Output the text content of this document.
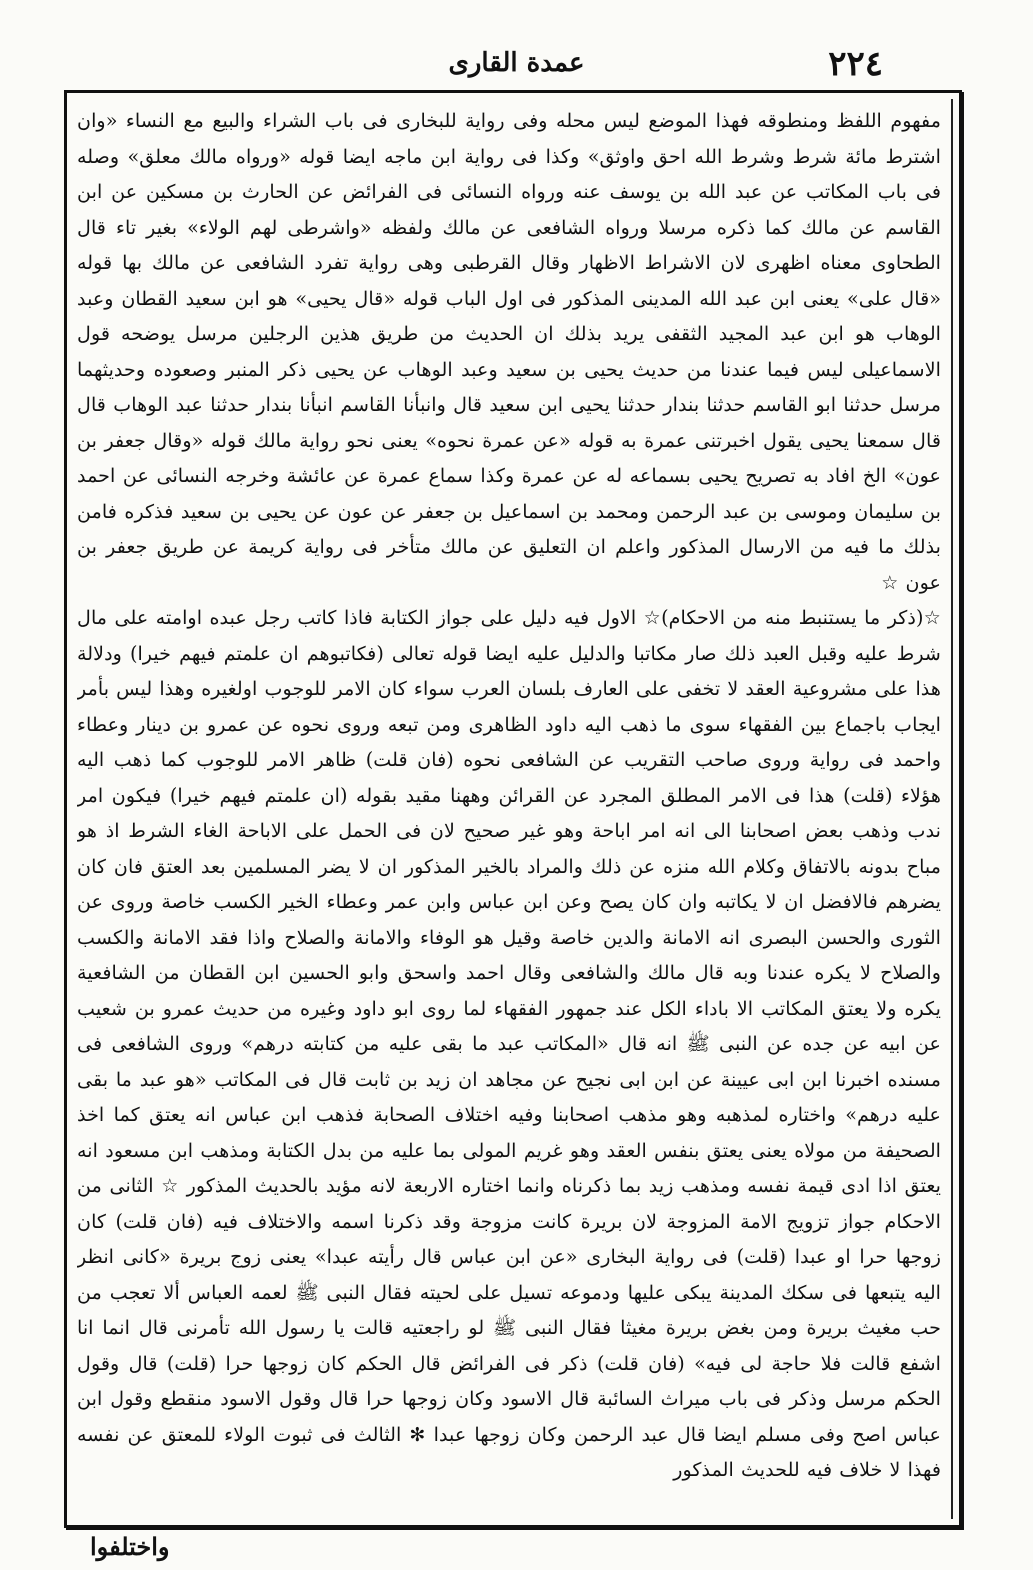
٢٢٤
عمدة القارى

مفهوم اللفظ ومنطوقه فهذا الموضع ليس محله وفى رواية للبخارى فى باب الشراء والبيع مع النساء «وان اشترط مائة شرط وشرط الله احق واوثق» وكذا فى رواية ابن ماجه ايضا قوله «ورواه مالك معلق» وصله فى باب المكاتب عن عبد الله بن يوسف عنه ورواه النسائى فى الفرائض عن الحارث بن مسكين عن ابن القاسم عن مالك كما ذكره مرسلا ورواه الشافعى عن مالك ولفظه «واشرطى لهم الولاء» بغير تاء قال الطحاوى معناه اظهرى لان الاشراط الاظهار وقال القرطبى وهى رواية تفرد الشافعى عن مالك بها قوله «قال على» يعنى ابن عبد الله المدينى المذكور فى اول الباب قوله «قال يحيى» هو ابن سعيد القطان وعبد الوهاب هو ابن عبد المجيد الثقفى يريد بذلك ان الحديث من طريق هذين الرجلين مرسل يوضحه قول الاسماعيلى ليس فيما عندنا من حديث يحيى بن سعيد وعبد الوهاب عن يحيى ذكر المنبر وصعوده وحديثهما مرسل حدثنا ابو القاسم حدثنا بندار حدثنا يحيى ابن سعيد قال وانبأنا القاسم انبأنا بندار حدثنا عبد الوهاب قال قال سمعنا يحيى يقول اخبرتنى عمرة به قوله «عن عمرة نحوه» يعنى نحو رواية مالك قوله «وقال جعفر بن عون» الخ افاد به تصريح يحيى بسماعه له عن عمرة وكذا سماع عمرة عن عائشة وخرجه النسائى عن احمد بن سليمان وموسى بن عبد الرحمن ومحمد بن اسماعيل بن جعفر عن عون عن يحيى بن سعيد فذكره فامن بذلك ما فيه من الارسال المذكور واعلم ان التعليق عن مالك متأخر فى رواية كريمة عن طريق جعفر بن عون ☆

☆(ذكر ما يستنبط منه من الاحكام)☆ الاول فيه دليل على جواز الكتابة فاذا كاتب رجل عبده اوامته على مال شرط عليه وقبل العبد ذلك صار مكاتبا والدليل عليه ايضا قوله تعالى (فكاتبوهم ان علمتم فيهم خيرا) ودلالة هذا على مشروعية العقد لا تخفى على العارف بلسان العرب سواء كان الامر للوجوب اولغيره وهذا ليس بأمر ايجاب باجماع بين الفقهاء سوى ما ذهب اليه داود الظاهرى ومن تبعه وروى نحوه عن عمرو بن دينار وعطاء واحمد فى رواية وروى صاحب التقريب عن الشافعى نحوه (فان قلت) ظاهر الامر للوجوب كما ذهب اليه هؤلاء (قلت) هذا فى الامر المطلق المجرد عن القرائن وههنا مقيد بقوله (ان علمتم فيهم خيرا) فيكون امر ندب وذهب بعض اصحابنا الى انه امر اباحة وهو غير صحيح لان فى الحمل على الاباحة الغاء الشرط اذ هو مباح بدونه بالاتفاق وكلام الله منزه عن ذلك والمراد بالخير المذكور ان لا يضر المسلمين بعد العتق فان كان يضرهم فالافضل ان لا يكاتبه وان كان يصح وعن ابن عباس وابن عمر وعطاء الخير الكسب خاصة وروى عن الثورى والحسن البصرى انه الامانة والدين خاصة وقيل هو الوفاء والامانة والصلاح واذا فقد الامانة والكسب والصلاح لا يكره عندنا وبه قال مالك والشافعى وقال احمد واسحق وابو الحسين ابن القطان من الشافعية يكره ولا يعتق المكاتب الا باداء الكل عند جمهور الفقهاء لما روى ابو داود وغيره من حديث عمرو بن شعيب عن ابيه عن جده عن النبى ﷺ انه قال «المكاتب عبد ما بقى عليه من كتابته درهم» وروى الشافعى فى مسنده اخبرنا ابن ابى عيينة عن ابن ابى نجيح عن مجاهد ان زيد بن ثابت قال فى المكاتب «هو عبد ما بقى عليه درهم» واختاره لمذهبه وهو مذهب اصحابنا وفيه اختلاف الصحابة فذهب ابن عباس انه يعتق كما اخذ الصحيفة من مولاه يعنى يعتق بنفس العقد وهو غريم المولى بما عليه من بدل الكتابة ومذهب ابن مسعود انه يعتق اذا ادى قيمة نفسه ومذهب زيد بما ذكرناه وانما اختاره الاربعة لانه مؤيد بالحديث المذكور ☆ الثانى من الاحكام جواز تزويج الامة المزوجة لان بريرة كانت مزوجة وقد ذكرنا اسمه والاختلاف فيه (فان قلت) كان زوجها حرا او عبدا (قلت) فى رواية البخارى «عن ابن عباس قال رأيته عبدا» يعنى زوج بريرة «كانى انظر اليه يتبعها فى سكك المدينة يبكى عليها ودموعه تسيل على لحيته فقال النبى ﷺ لعمه العباس ألا تعجب من حب مغيث بريرة ومن بغض بريرة مغيثا فقال النبى ﷺ لو راجعتيه قالت يا رسول الله تأمرنى قال انما انا اشفع قالت فلا حاجة لى فيه» (فان قلت) ذكر فى الفرائض قال الحكم كان زوجها حرا (قلت) قال وقول الحكم مرسل وذكر فى باب ميراث السائبة قال الاسود وكان زوجها حرا قال وقول الاسود منقطع وقول ابن عباس اصح وفى مسلم ايضا قال عبد الرحمن وكان زوجها عبدا ✻ الثالث فى ثبوت الولاء للمعتق عن نفسه فهذا لا خلاف فيه للحديث المذكور

واختلفوا
